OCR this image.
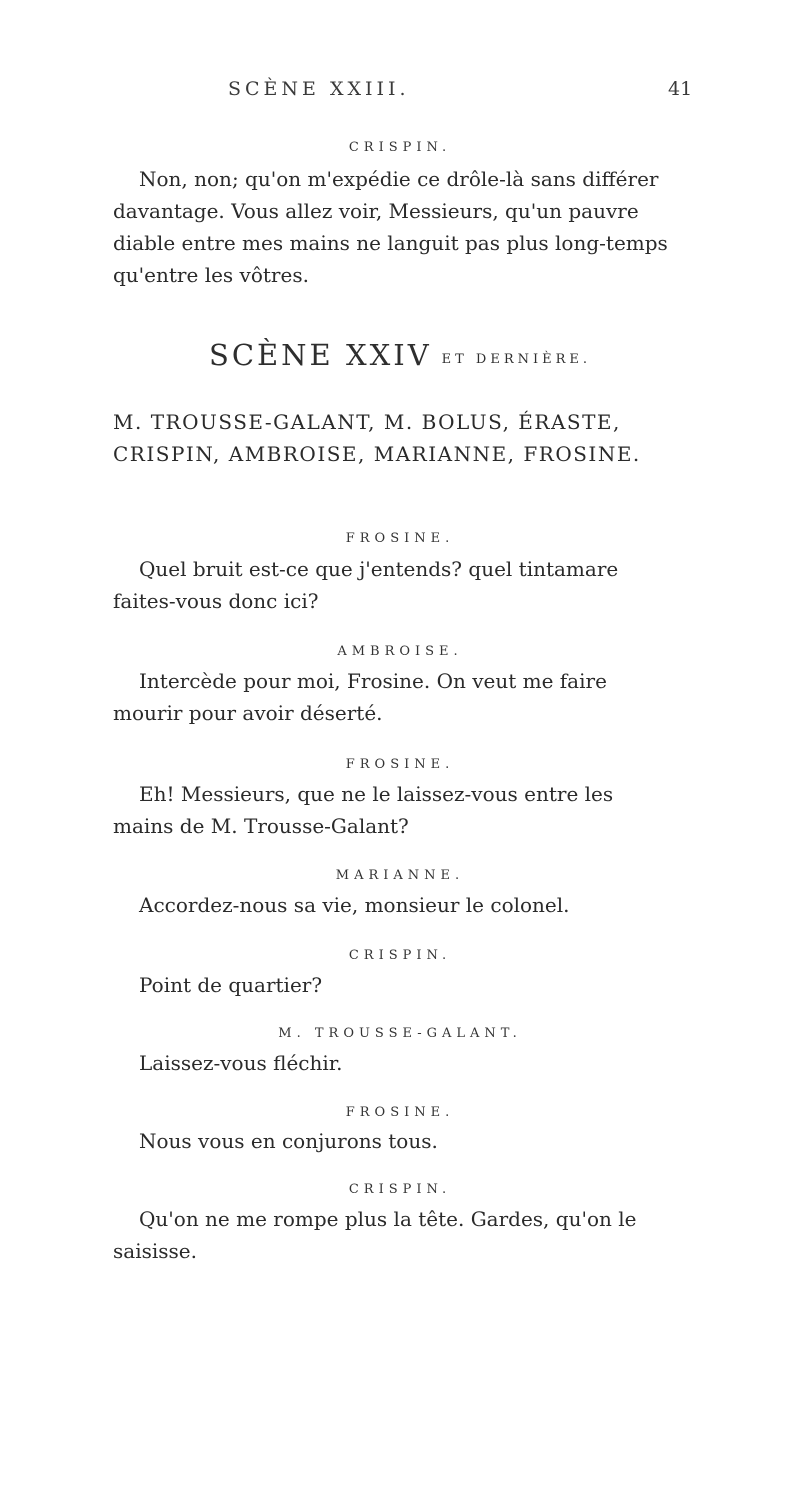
SCÈNE XXIII.	41
CRISPIN.
Non, non; qu'on m'expédie ce drôle-là sans différer
davantage. Vous allez voir, Messieurs, qu'un pauvre
diable entre mes mains ne languit pas plus long-temps
qu'entre les vôtres.
SCÈNE XXIV ET DERNIÈRE.
M. TROUSSE-GALANT, M. BOLUS, ÉRASTE,
CRISPIN, AMBROISE, MARIANNE, FROSINE.
FROSINE.
Quel bruit est-ce que j'entends? quel tintamare
faites-vous donc ici?
AMBROISE.
Intercède pour moi, Frosine. On veut me faire
mourir pour avoir déserté.
FROSINE.
Eh! Messieurs, que ne le laissez-vous entre les
mains de M. Trousse-Galant?
MARIANNE.
Accordez-nous sa vie, monsieur le colonel.
CRISPIN.
Point de quartier?
M. TROUSSE-GALANT.
Laissez-vous fléchir.
FROSINE.
Nous vous en conjurons tous.
CRISPIN.
Qu'on ne me rompe plus la tête. Gardes, qu'on le
saisisse.
